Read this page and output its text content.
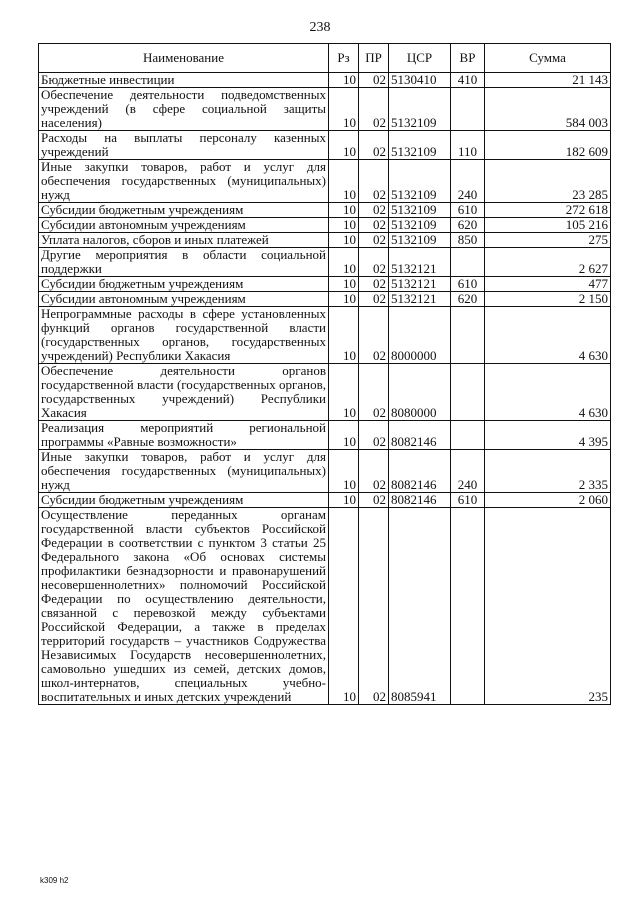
238
Наименование	Рз	ПР	ЦСР	ВР	Сумма
Бюджетные инвестиции	10	02	5130410	410	21 143
Обеспечение деятельности подведомственных учреждений (в сфере социальной защиты населения)	10	02	5132109		584 003
Расходы на выплаты персоналу казенных учреждений	10	02	5132109	110	182 609
Иные закупки товаров, работ и услуг для обеспечения государственных (муниципальных) нужд	10	02	5132109	240	23 285
Субсидии бюджетным учреждениям	10	02	5132109	610	272 618
Субсидии автономным учреждениям	10	02	5132109	620	105 216
Уплата налогов, сборов и иных платежей	10	02	5132109	850	275
Другие мероприятия в области социальной поддержки	10	02	5132121		2 627
Субсидии бюджетным учреждениям	10	02	5132121	610	477
Субсидии автономным учреждениям	10	02	5132121	620	2 150
Непрограммные расходы в сфере установленных функций органов государственной власти (государственных органов, государственных учреждений) Республики Хакасия	10	02	8000000		4 630
Обеспечение деятельности органов государственной власти (государственных органов, государственных учреждений) Республики Хакасия	10	02	8080000		4 630
Реализация мероприятий региональной программы «Равные возможности»	10	02	8082146		4 395
Иные закупки товаров, работ и услуг для обеспечения государственных (муниципальных) нужд	10	02	8082146	240	2 335
Субсидии бюджетным учреждениям	10	02	8082146	610	2 060
Осуществление переданных органам государственной власти субъектов Российской Федерации в соответствии с пунктом 3 статьи 25 Федерального закона «Об основах системы профилактики безнадзорности и правонарушений несовершеннолетних» полномочий Российской Федерации по осуществлению деятельности, связанной с перевозкой между субъектами Российской Федерации, а также в пределах территорий государств – участников Содружества Независимых Государств несовершеннолетних, самовольно ушедших из семей, детских домов, школ-интернатов, специальных учебно-воспитательных и иных детских учреждений	10	02	8085941		235
k309 h2
